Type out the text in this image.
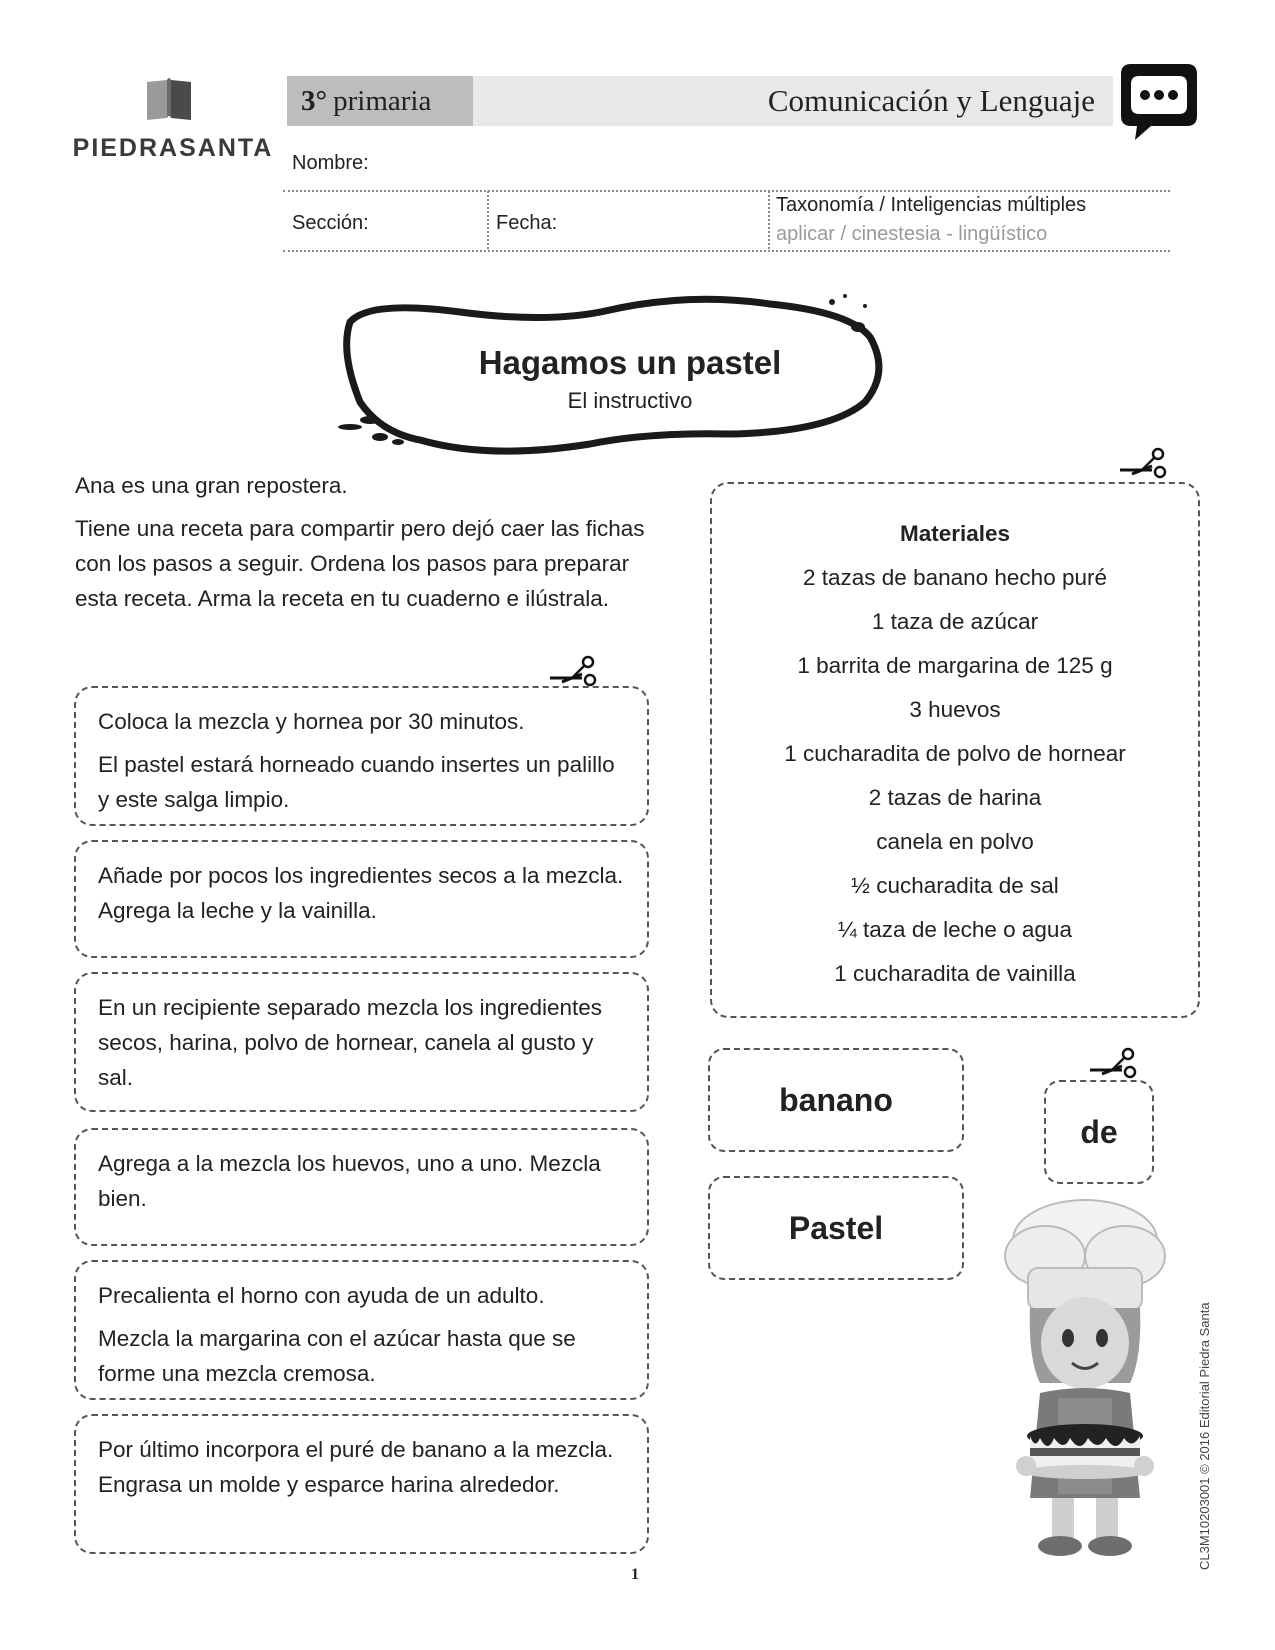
PIEDRASANTA
3° primaria	Comunicación y Lenguaje
Nombre:
Sección:	Fecha:
Taxonomía / Inteligencias múltiples
aplicar / cinestesia - lingüístico
Hagamos un pastel
El instructivo

Ana es una gran repostera.

Tiene una receta para compartir pero dejó caer las fichas con los pasos a seguir. Ordena los pasos para preparar esta receta. Arma la receta en tu cuaderno e ilústrala.

Coloca la mezcla y hornea por 30 minutos.

El pastel estará horneado cuando insertes un palillo y este salga limpio.

Añade por pocos los ingredientes secos a la mezcla. Agrega la leche y la vainilla.

En un recipiente separado mezcla los ingredientes secos, harina, polvo de hornear, canela al gusto y sal.

Agrega a la mezcla los huevos, uno a uno. Mezcla bien.

Precalienta el horno con ayuda de un adulto.

Mezcla la margarina con el azúcar hasta que se forme una mezcla cremosa.

Por último incorpora el puré de banano a la mezcla. Engrasa un molde y esparce harina alrededor.

Materiales
2 tazas de banano hecho puré
1 taza de azúcar
1 barrita de margarina de 125 g
3 huevos
1 cucharadita de polvo de hornear
2 tazas de harina
canela en polvo
½ cucharadita de sal
¼ taza de leche o agua
1 cucharadita de vainilla
banano
Pastel
de
CL3M10203001 © 2016 Editorial Piedra Santa
1
